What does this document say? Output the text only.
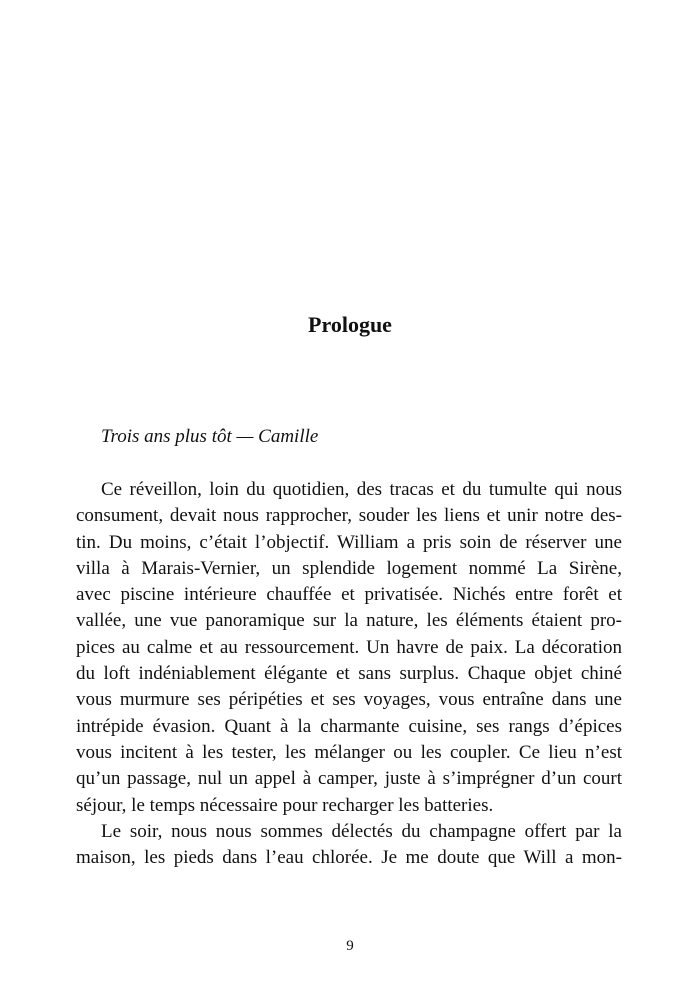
Prologue

Trois ans plus tôt — Camille

Ce réveillon, loin du quotidien, des tracas et du tumulte qui nous
consument, devait nous rapprocher, souder les liens et unir notre des-
tin. Du moins, c’était l’objectif. William a pris soin de réserver une
villa à Marais-Vernier, un splendide logement nommé La Sirène,
avec piscine intérieure chauffée et privatisée. Nichés entre forêt et
vallée, une vue panoramique sur la nature, les éléments étaient pro-
pices au calme et au ressourcement. Un havre de paix. La décoration
du loft indéniablement élégante et sans surplus. Chaque objet chiné
vous murmure ses péripéties et ses voyages, vous entraîne dans une
intrépide évasion. Quant à la charmante cuisine, ses rangs d’épices
vous incitent à les tester, les mélanger ou les coupler. Ce lieu n’est
qu’un passage, nul un appel à camper, juste à s’imprégner d’un court
séjour, le temps nécessaire pour recharger les batteries.
Le soir, nous nous sommes délectés du champagne offert par la
maison, les pieds dans l’eau chlorée. Je me doute que Will a mon-
9
